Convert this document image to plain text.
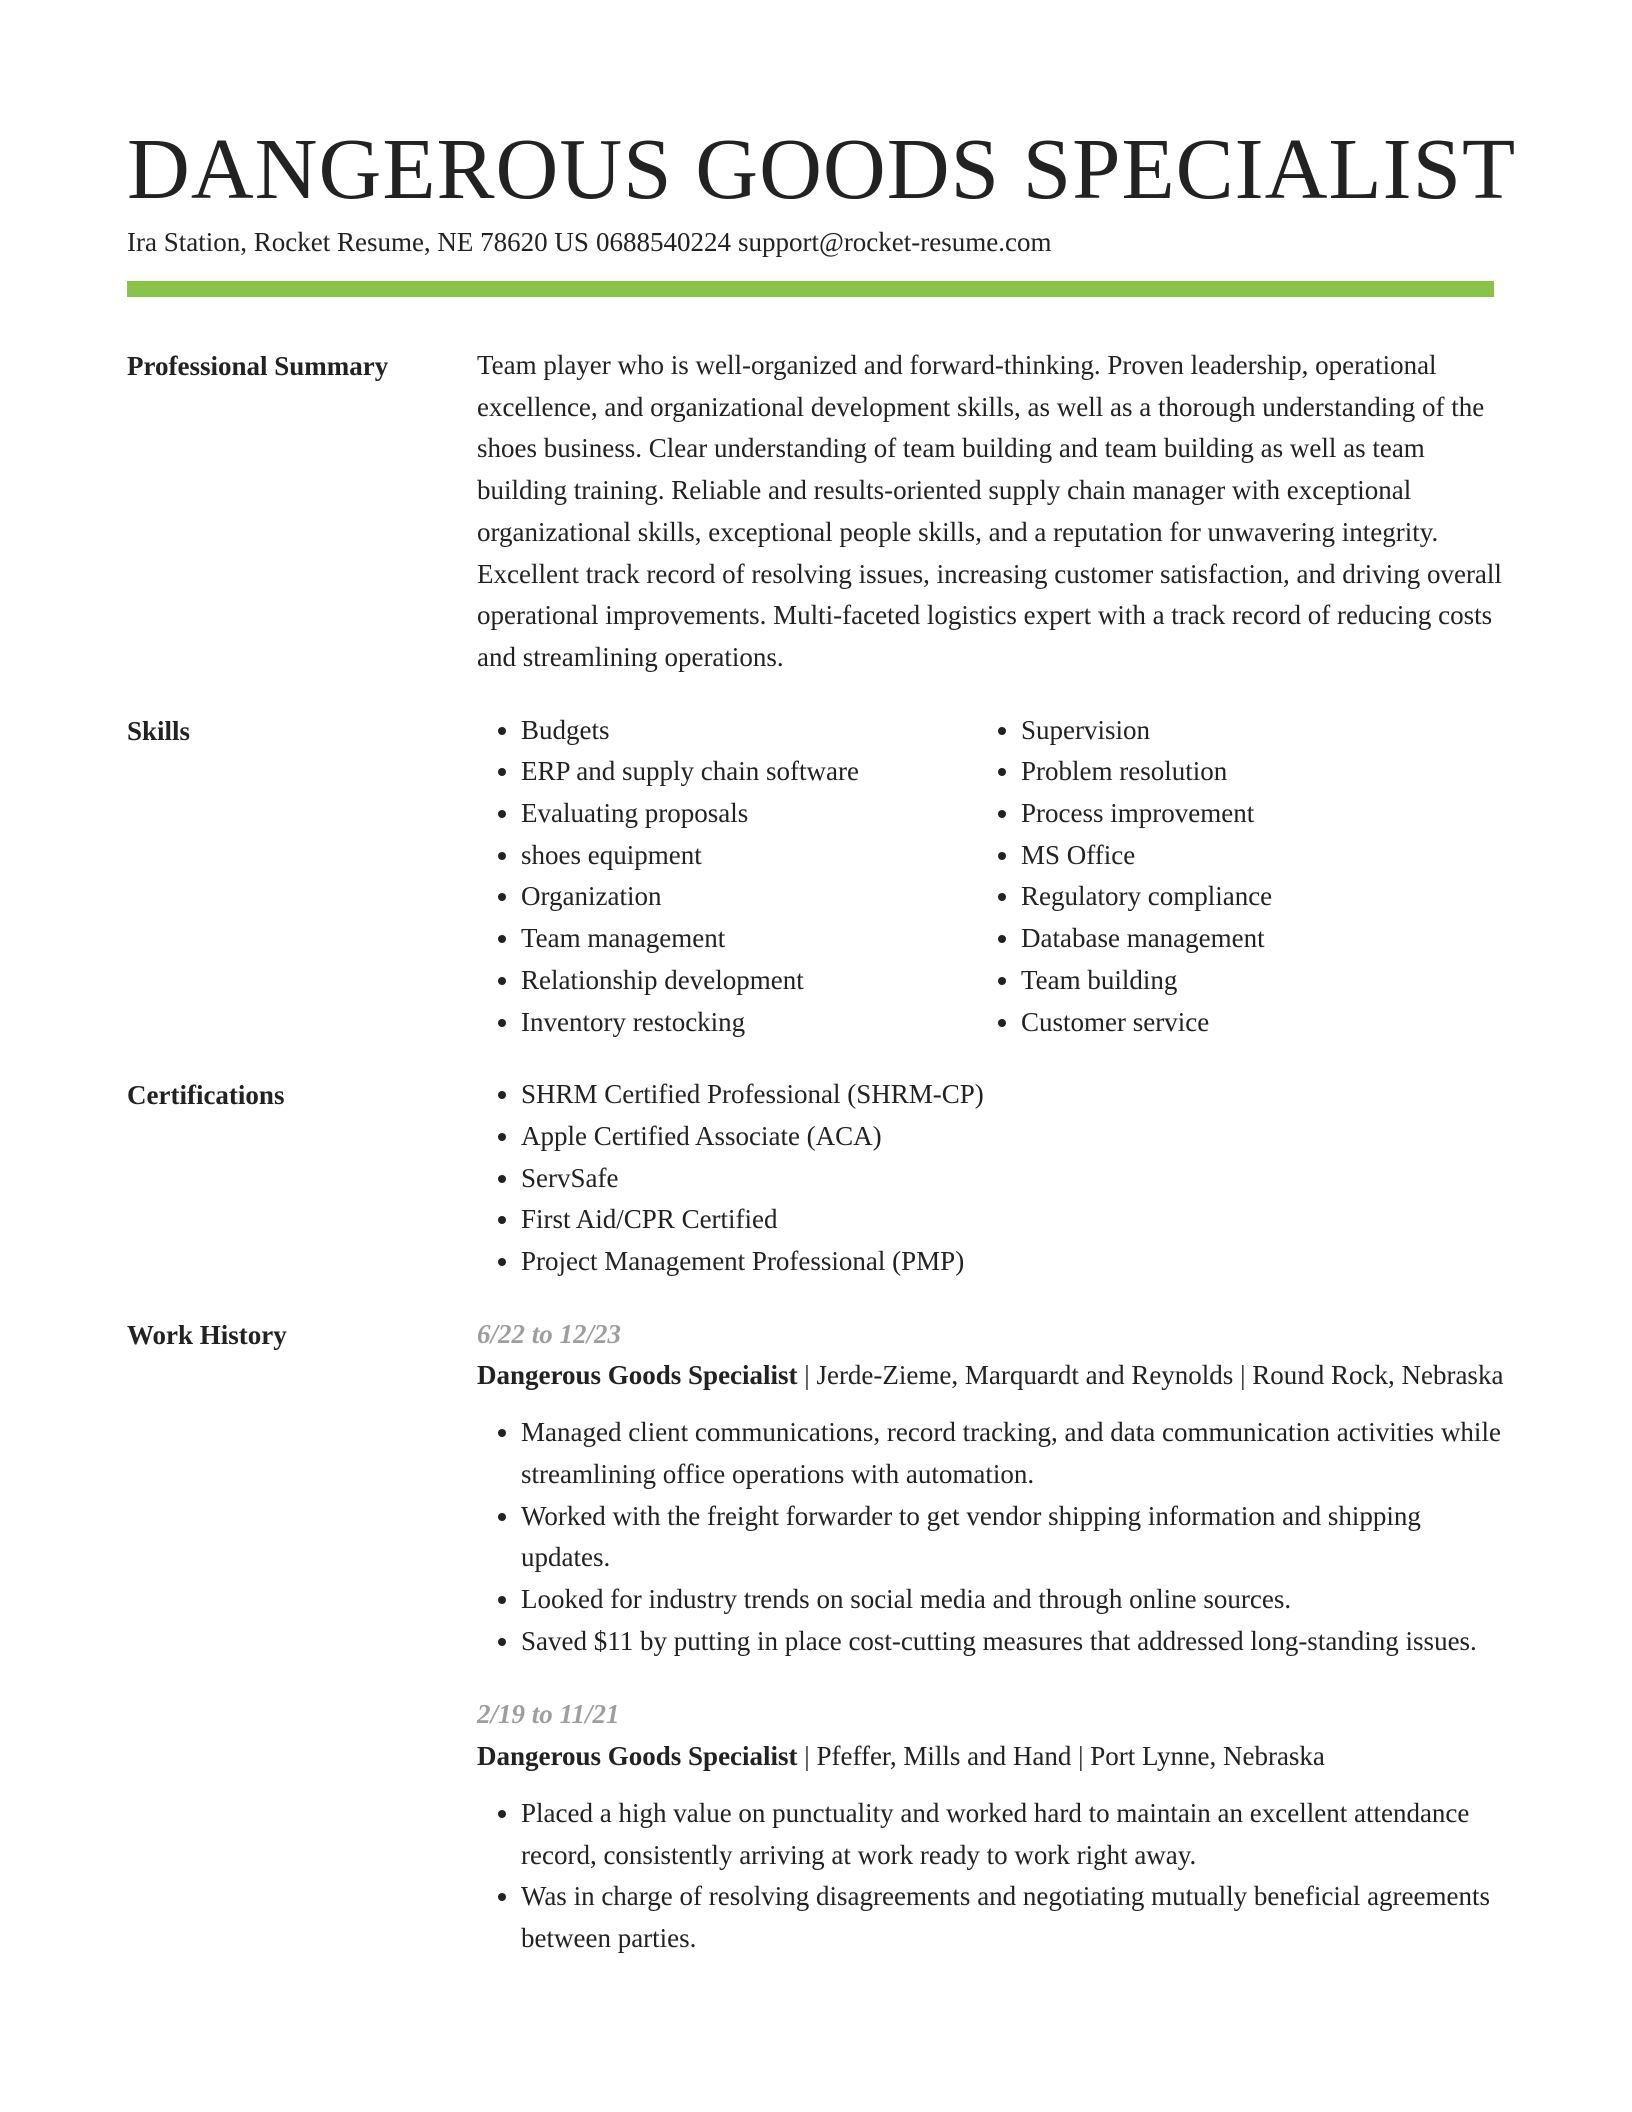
DANGEROUS GOODS SPECIALIST
Ira Station, Rocket Resume, NE 78620 US 0688540224 support@rocket-resume.com
Professional Summary	Team player who is well-organized and forward-thinking. Proven leadership, operational excellence, and organizational development skills, as well as a thorough understanding of the shoes business. Clear understanding of team building and team building as well as team building training. Reliable and results-oriented supply chain manager with exceptional organizational skills, exceptional people skills, and a reputation for unwavering integrity. Excellent track record of resolving issues, increasing customer satisfaction, and driving overall operational improvements. Multi-faceted logistics expert with a track record of reducing costs and streamlining operations.
Skills	• Budgets
• ERP and supply chain software
• Evaluating proposals
• shoes equipment
• Organization
• Team management
• Relationship development
• Inventory restocking
• Supervision
• Problem resolution
• Process improvement
• MS Office
• Regulatory compliance
• Database management
• Team building
• Customer service
Certifications	• SHRM Certified Professional (SHRM-CP)
• Apple Certified Associate (ACA)
• ServSafe
• First Aid/CPR Certified
• Project Management Professional (PMP)
Work History	6/22 to 12/23
Dangerous Goods Specialist | Jerde-Zieme, Marquardt and Reynolds | Round Rock, Nebraska
• Managed client communications, record tracking, and data communication activities while streamlining office operations with automation.
• Worked with the freight forwarder to get vendor shipping information and shipping updates.
• Looked for industry trends on social media and through online sources.
• Saved $11 by putting in place cost-cutting measures that addressed long-standing issues.
2/19 to 11/21
Dangerous Goods Specialist | Pfeffer, Mills and Hand | Port Lynne, Nebraska
• Placed a high value on punctuality and worked hard to maintain an excellent attendance record, consistently arriving at work ready to work right away.
• Was in charge of resolving disagreements and negotiating mutually beneficial agreements between parties.
